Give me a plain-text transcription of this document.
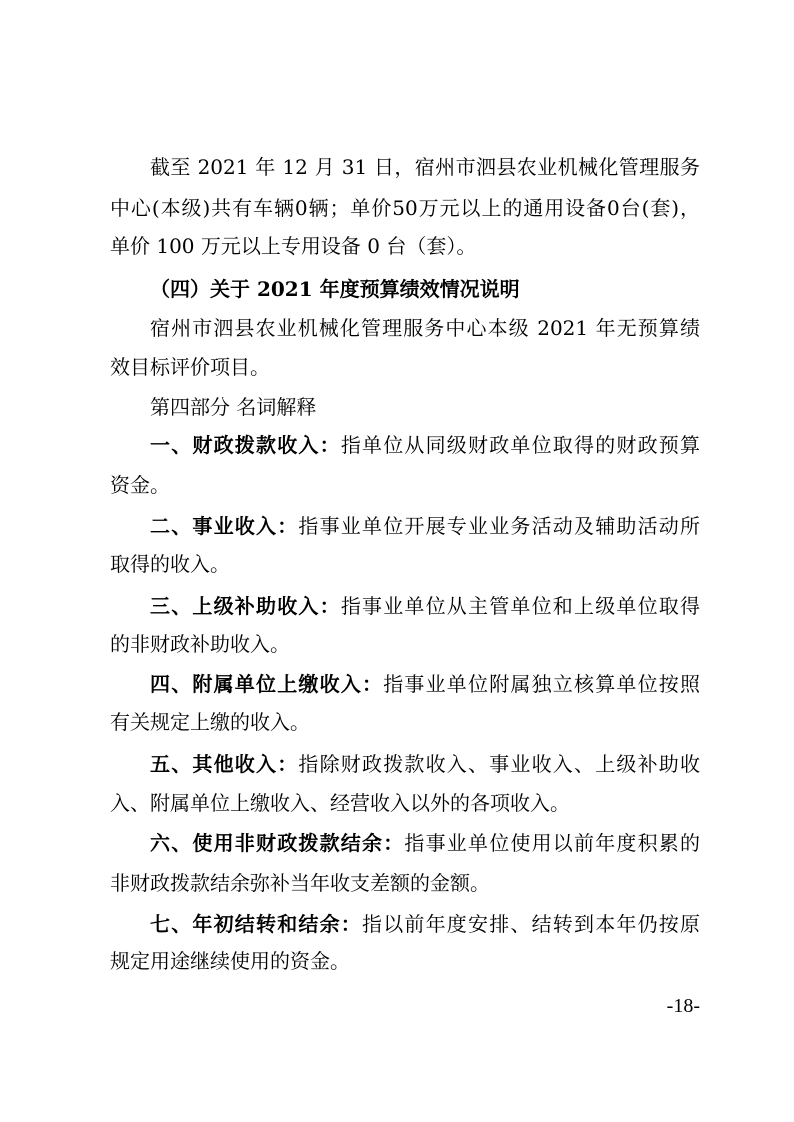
截至 2021 年 12 月 31 日，宿州市泗县农业机械化管理服务
中心(本级)共有车辆0辆；单价50万元以上的通用设备0台(套)，
单价 100 万元以上专用设备 0 台（套）。
（四）关于 2021 年度预算绩效情况说明
宿州市泗县农业机械化管理服务中心本级 2021 年无预算绩
效目标评价项目。
第四部分 名词解释
一、财政拨款收入：指单位从同级财政单位取得的财政预算
资金。
二、事业收入：指事业单位开展专业业务活动及辅助活动所
取得的收入。
三、上级补助收入：指事业单位从主管单位和上级单位取得
的非财政补助收入。
四、附属单位上缴收入：指事业单位附属独立核算单位按照
有关规定上缴的收入。
五、其他收入：指除财政拨款收入、事业收入、上级补助收
入、附属单位上缴收入、经营收入以外的各项收入。
六、使用非财政拨款结余：指事业单位使用以前年度积累的
非财政拨款结余弥补当年收支差额的金额。
七、年初结转和结余：指以前年度安排、结转到本年仍按原
规定用途继续使用的资金。
-18-
